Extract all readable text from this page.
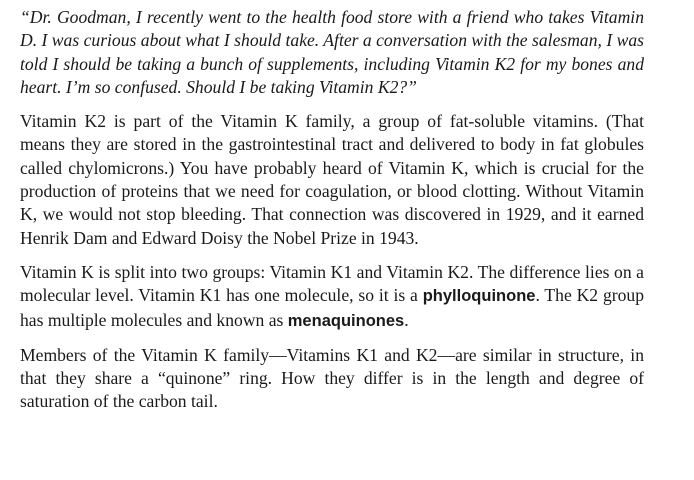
“Dr. Goodman, I recently went to the health food store with a friend who takes Vitamin D. I was curious about what I should take. After a conversation with the salesman, I was told I should be taking a bunch of supplements, including Vitamin K2 for my bones and heart. I’m so confused. Should I be taking Vitamin K2?”

Vitamin K2 is part of the Vitamin K family, a group of fat-soluble vitamins. (That means they are stored in the gastrointestinal tract and delivered to body in fat globules called chylomicrons.) You have probably heard of Vitamin K, which is crucial for the production of proteins that we need for coagulation, or blood clotting. Without Vitamin K, we would not stop bleeding. That connection was discovered in 1929, and it earned Henrik Dam and Edward Doisy the Nobel Prize in 1943.

Vitamin K is split into two groups: Vitamin K1 and Vitamin K2. The difference lies on a molecular level. Vitamin K1 has one molecule, so it is a phylloquinone. The K2 group has multiple molecules and known as menaquinones.

Members of the Vitamin K family—Vitamins K1 and K2—are similar in structure, in that they share a “quinone” ring. How they differ is in the length and degree of saturation of the carbon tail.
